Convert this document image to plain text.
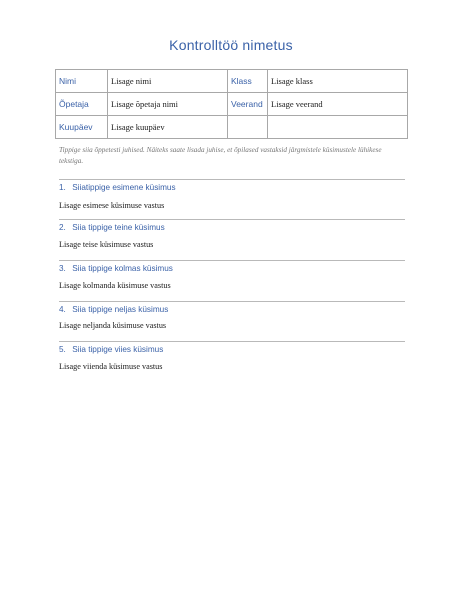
Kontrolltöö nimetus
Nimi	Lisage nimi	Klass	Lisage klass
Õpetaja	Lisage õpetaja nimi	Veerand	Lisage veerand
Kuupäev	Lisage kuupäev		
Tippige siia õppetesti juhised. Näiteks saate lisada juhise, et õpilased vastaksid järgmistele küsimustele lühikese tekstiga.
1. Siiatippige esimene küsimus
Lisage esimese küsimuse vastus
2. Siia tippige teine küsimus
Lisage teise küsimuse vastus
3. Siia tippige kolmas küsimus
Lisage kolmanda küsimuse vastus
4. Siia tippige neljas küsimus
Lisage neljanda küsimuse vastus
5. Siia tippige viies küsimus
Lisage viienda küsimuse vastus
